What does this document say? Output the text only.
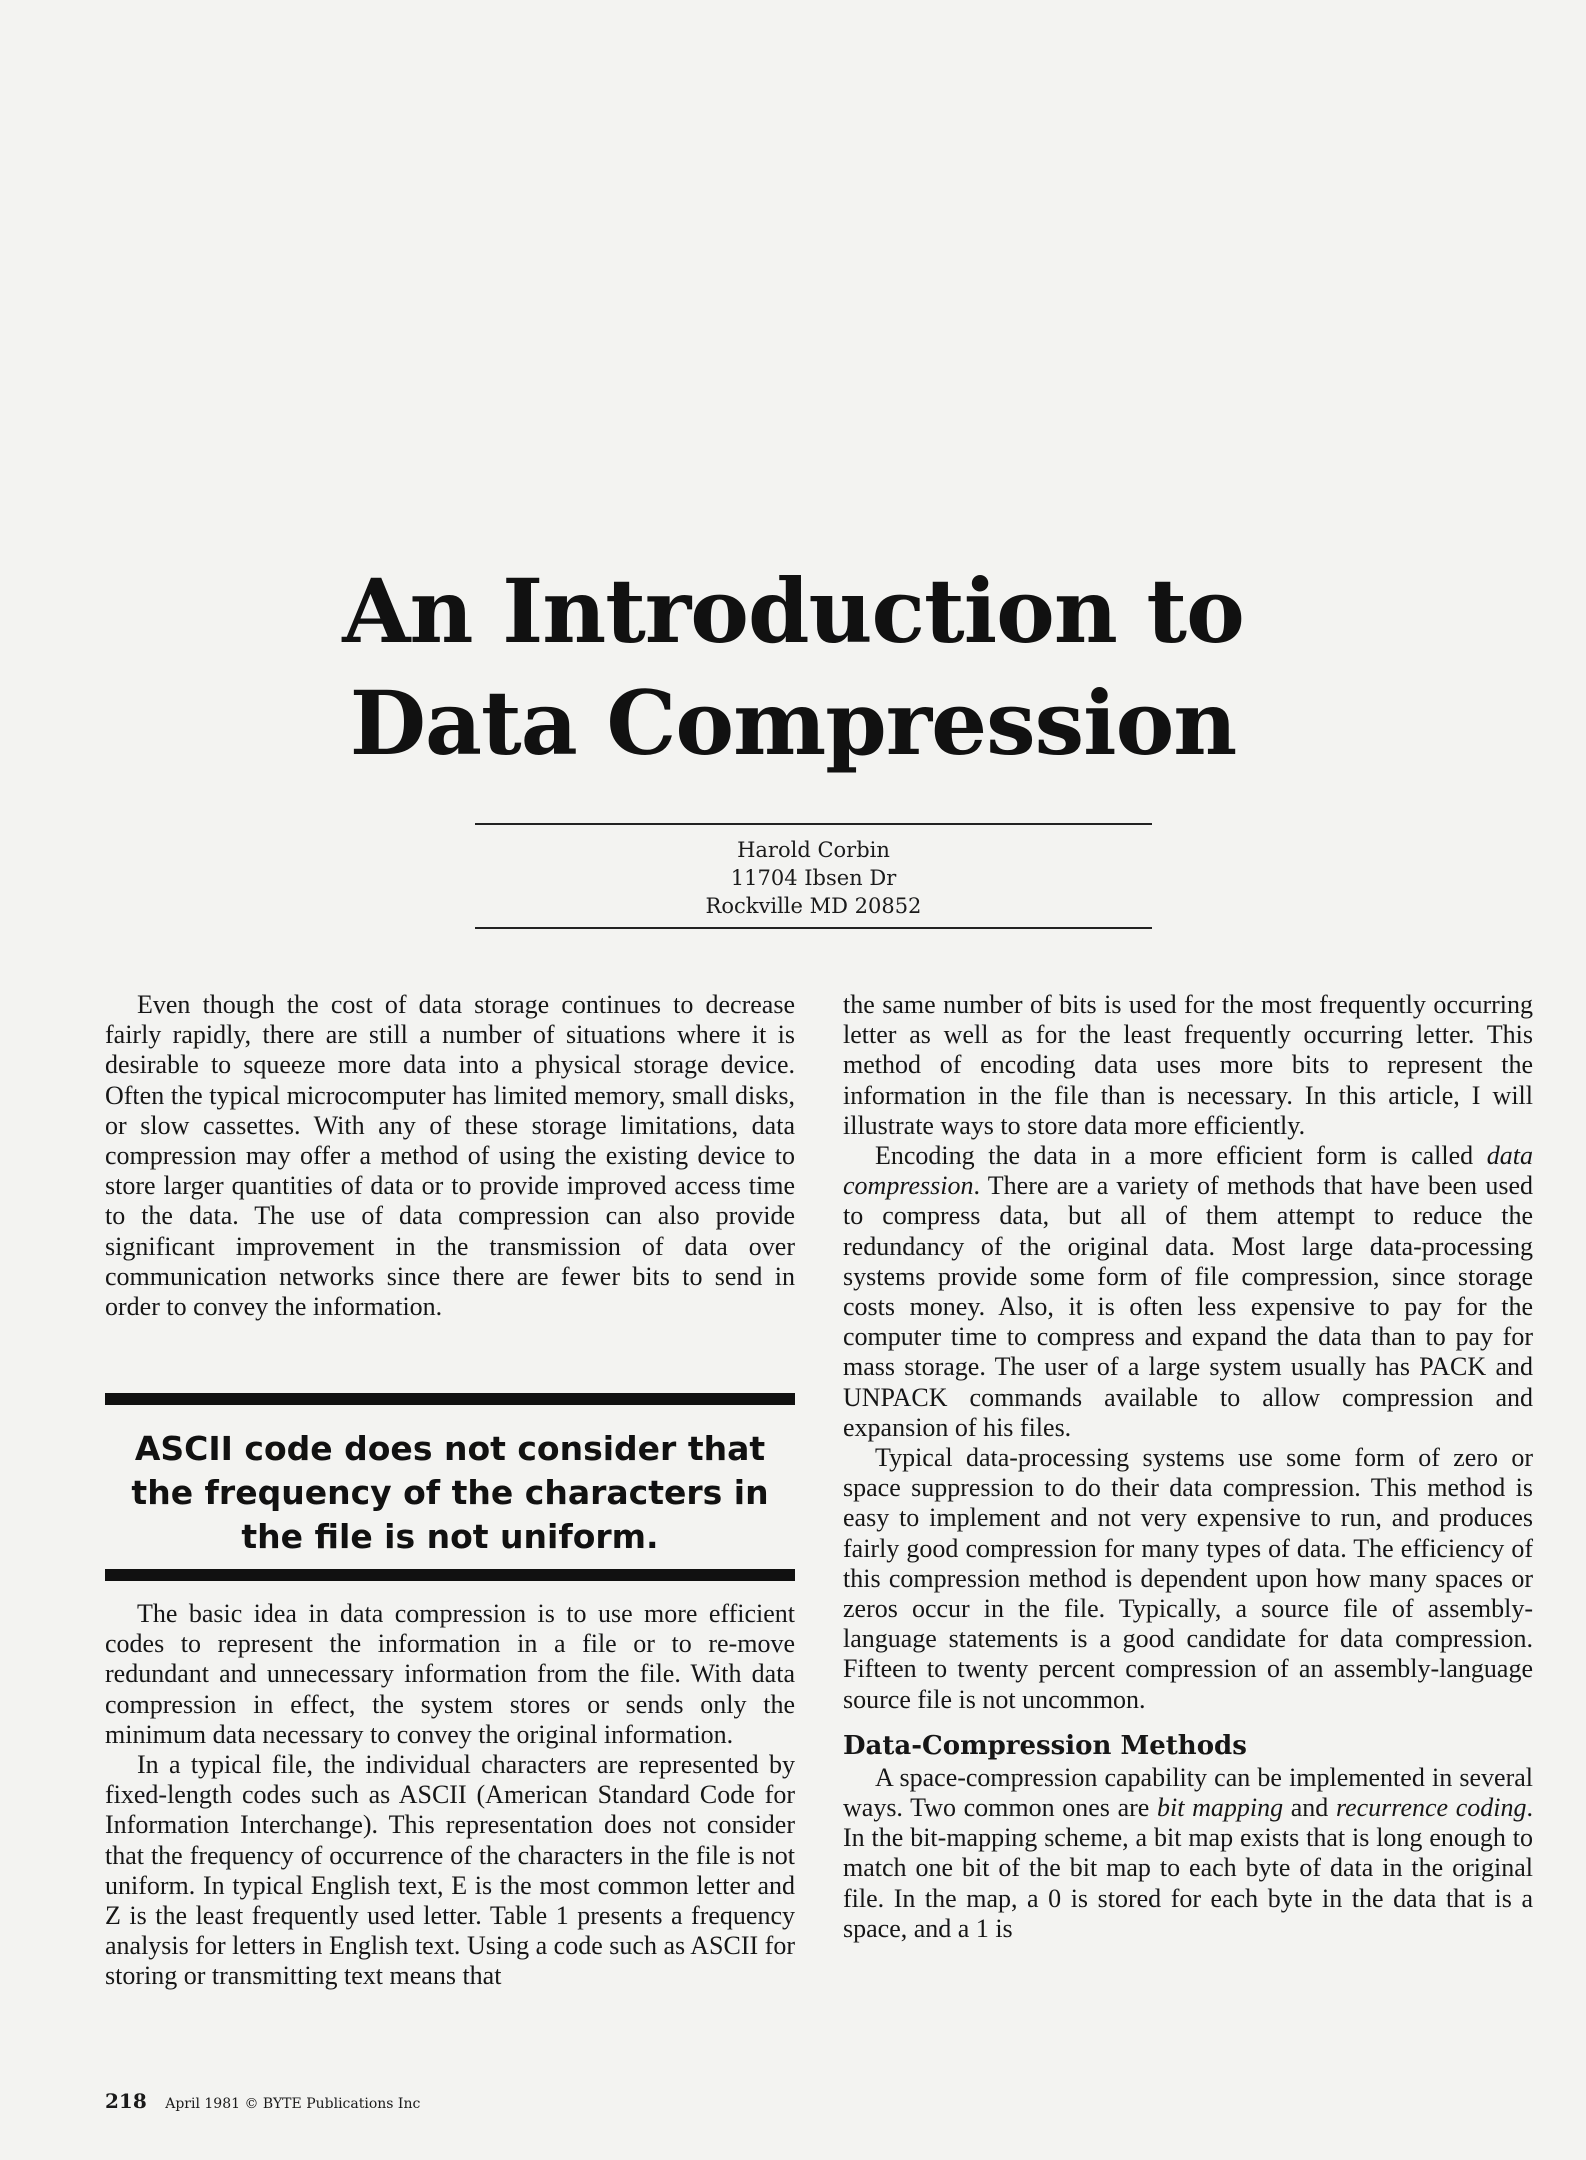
An Introduction to
Data Compression
Harold Corbin
11704 Ibsen Dr
Rockville MD 20852

Even though the cost of data storage continues to decrease fairly rapidly, there are still a number of situations where it is desirable to squeeze more data into a physical storage device. Often the typical microcomputer has limited memory, small disks, or slow cassettes. With any of these storage limitations, data compression may offer a method of using the existing device to store larger quantities of data or to provide improved access time to the data. The use of data compression can also provide significant improvement in the transmission of data over communication networks since there are fewer bits to send in order to convey the information.

ASCII code does not consider that the frequency of the characters in the file is not uniform.

The basic idea in data compression is to use more efficient codes to represent the information in a file or to re-move redundant and unnecessary information from the file. With data compression in effect, the system stores or sends only the minimum data necessary to convey the original information.

In a typical file, the individual characters are represented by fixed-length codes such as ASCII (American Standard Code for Information Interchange). This representation does not consider that the frequency of occurrence of the characters in the file is not uniform. In typical English text, E is the most common letter and Z is the least frequently used letter. Table 1 presents a frequency analysis for letters in English text. Using a code such as ASCII for storing or transmitting text means that

the same number of bits is used for the most frequently occurring letter as well as for the least frequently occurring letter. This method of encoding data uses more bits to represent the information in the file than is necessary. In this article, I will illustrate ways to store data more efficiently.

Encoding the data in a more efficient form is called data compression. There are a variety of methods that have been used to compress data, but all of them attempt to reduce the redundancy of the original data. Most large data-processing systems provide some form of file compression, since storage costs money. Also, it is often less expensive to pay for the computer time to compress and expand the data than to pay for mass storage. The user of a large system usually has PACK and UNPACK commands available to allow compression and expansion of his files.

Typical data-processing systems use some form of zero or space suppression to do their data compression. This method is easy to implement and not very expensive to run, and produces fairly good compression for many types of data. The efficiency of this compression method is dependent upon how many spaces or zeros occur in the file. Typically, a source file of assembly-language statements is a good candidate for data compression. Fifteen to twenty percent compression of an assembly-language source file is not uncommon.

Data-Compression Methods

A space-compression capability can be implemented in several ways. Two common ones are bit mapping and recurrence coding. In the bit-mapping scheme, a bit map exists that is long enough to match one bit of the bit map to each byte of data in the original file. In the map, a 0 is stored for each byte in the data that is a space, and a 1 is

218 April 1981 © BYTE Publications Inc
